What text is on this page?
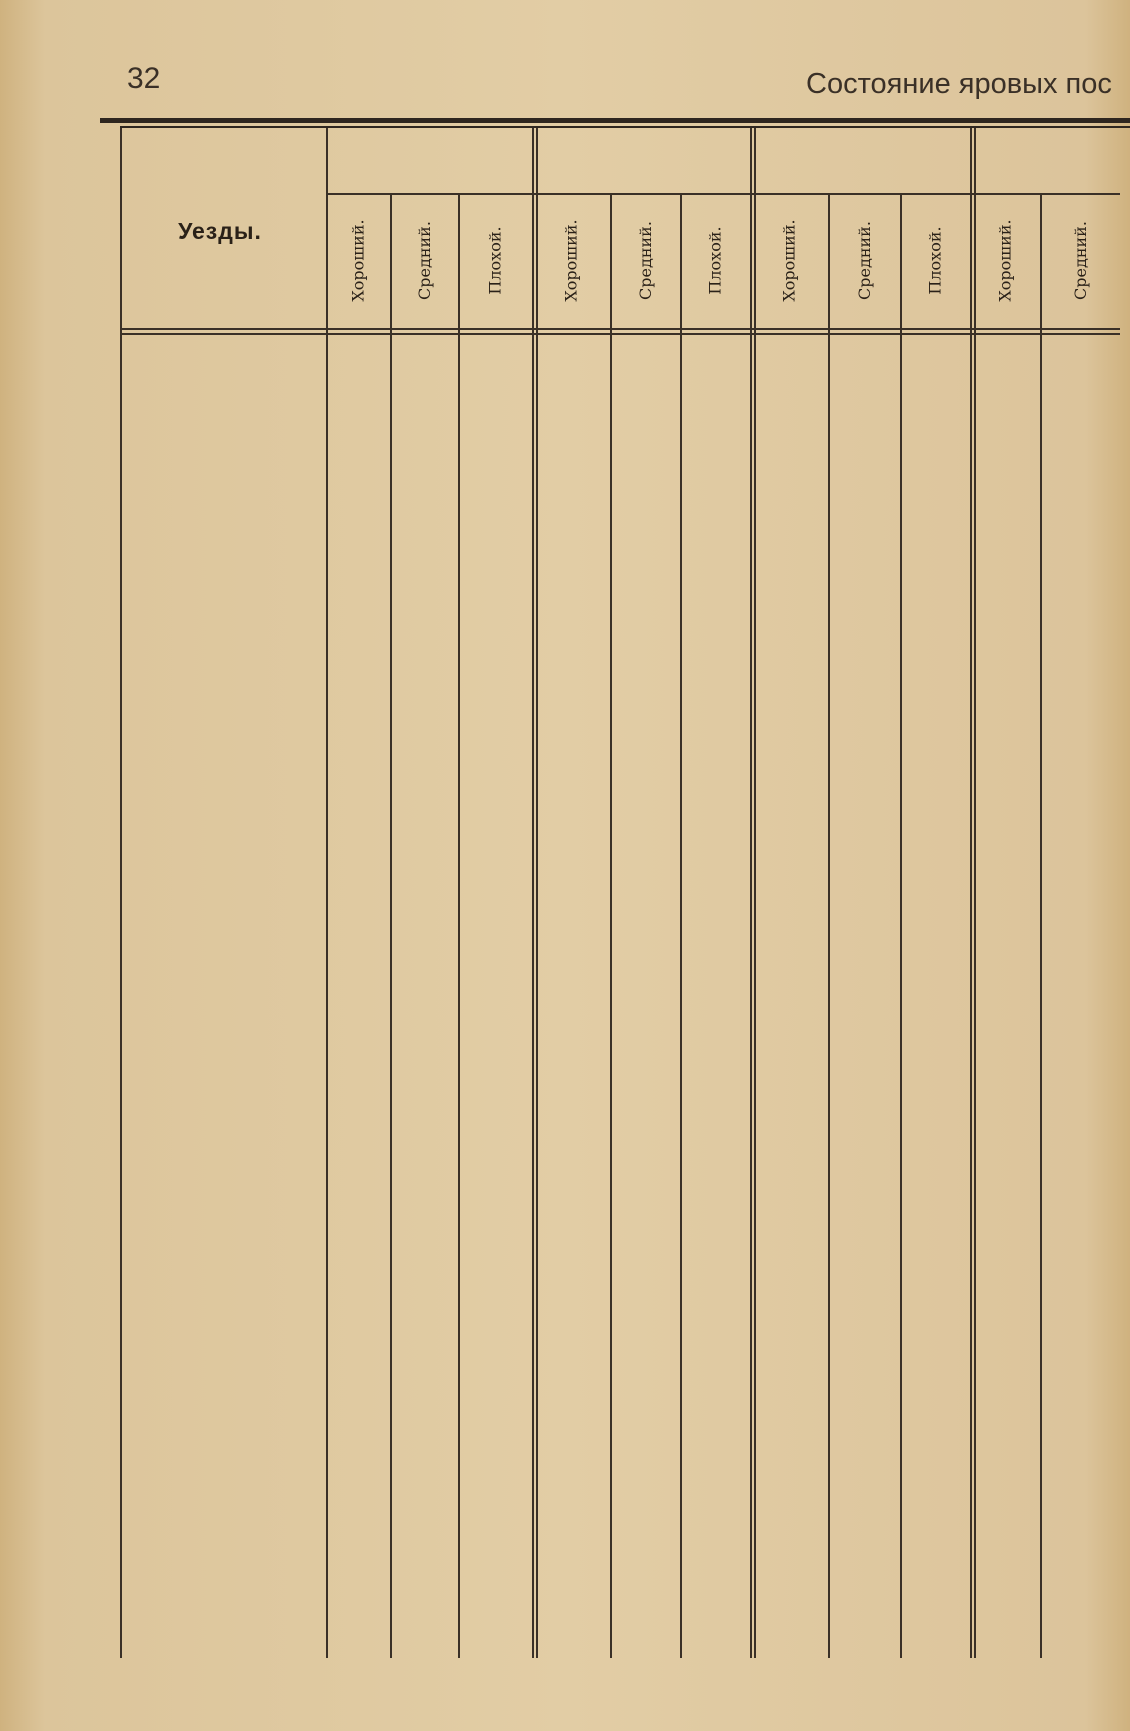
32	Состояние яровых пос
Уезды.	Хороший.	Средний.	Плохой.	Хороший.	Средний.	Плохой.	Хороший.	Средний.	Плохой.	Хороший.	Средний.
